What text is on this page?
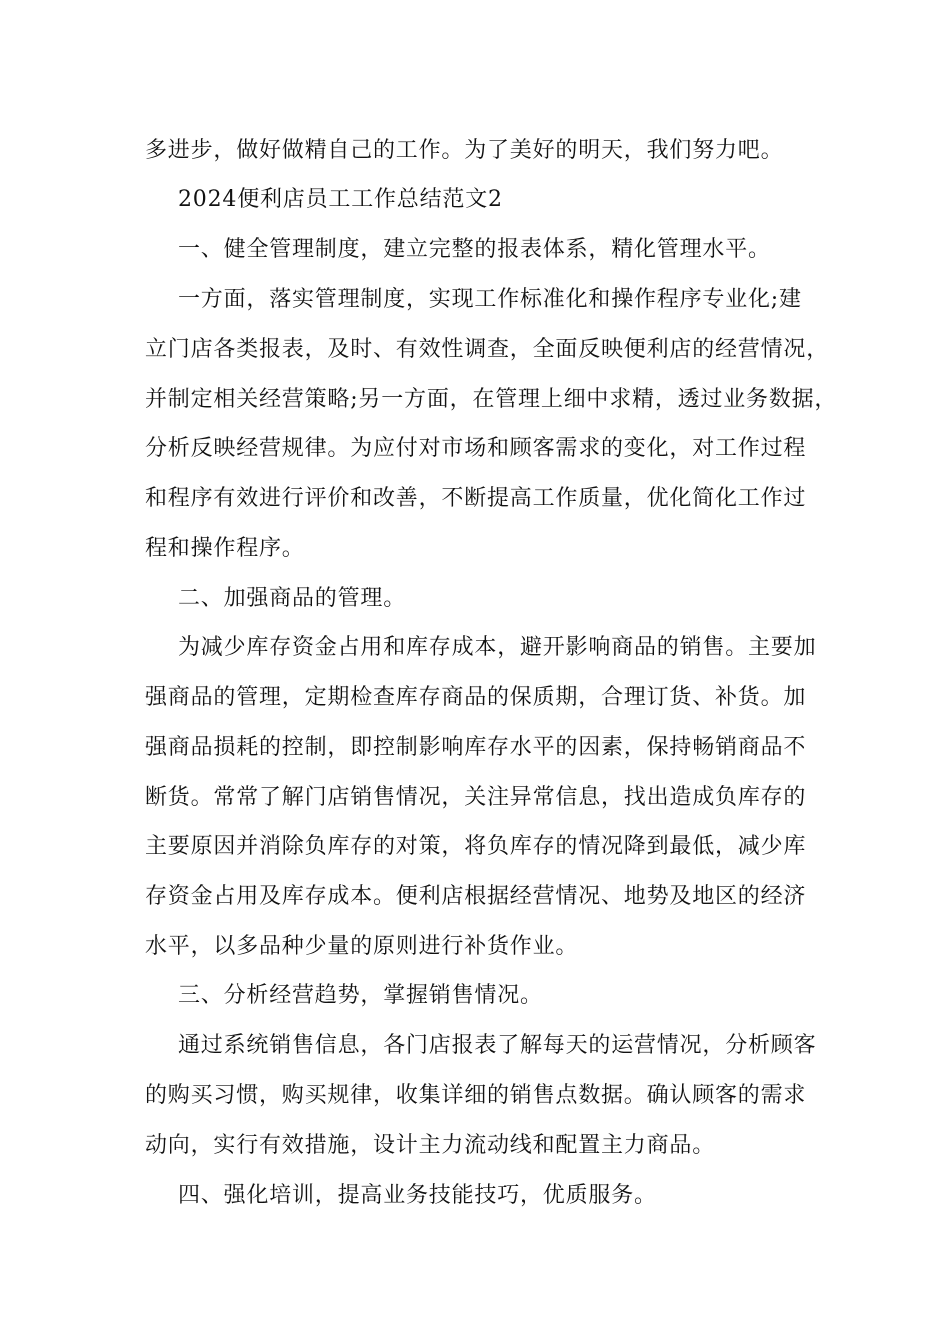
多进步，做好做精自己的工作。为了美好的明天，我们努力吧。
2024便利店员工工作总结范文2
一、健全管理制度，建立完整的报表体系，精化管理水平。
一方面，落实管理制度，实现工作标准化和操作程序专业化;建
立门店各类报表，及时、有效性调查，全面反映便利店的经营情况，
并制定相关经营策略;另一方面，在管理上细中求精，透过业务数据，
分析反映经营规律。为应付对市场和顾客需求的变化，对工作过程
和程序有效进行评价和改善，不断提高工作质量，优化简化工作过
程和操作程序。
二、加强商品的管理。
为减少库存资金占用和库存成本，避开影响商品的销售。主要加
强商品的管理，定期检查库存商品的保质期，合理订货、补货。加
强商品损耗的控制，即控制影响库存水平的因素，保持畅销商品不
断货。常常了解门店销售情况，关注异常信息，找出造成负库存的
主要原因并消除负库存的对策，将负库存的情况降到最低，减少库
存资金占用及库存成本。便利店根据经营情况、地势及地区的经济
水平，以多品种少量的原则进行补货作业。
三、分析经营趋势，掌握销售情况。
通过系统销售信息，各门店报表了解每天的运营情况，分析顾客
的购买习惯，购买规律，收集详细的销售点数据。确认顾客的需求
动向，实行有效措施，设计主力流动线和配置主力商品。
四、强化培训，提高业务技能技巧，优质服务。
